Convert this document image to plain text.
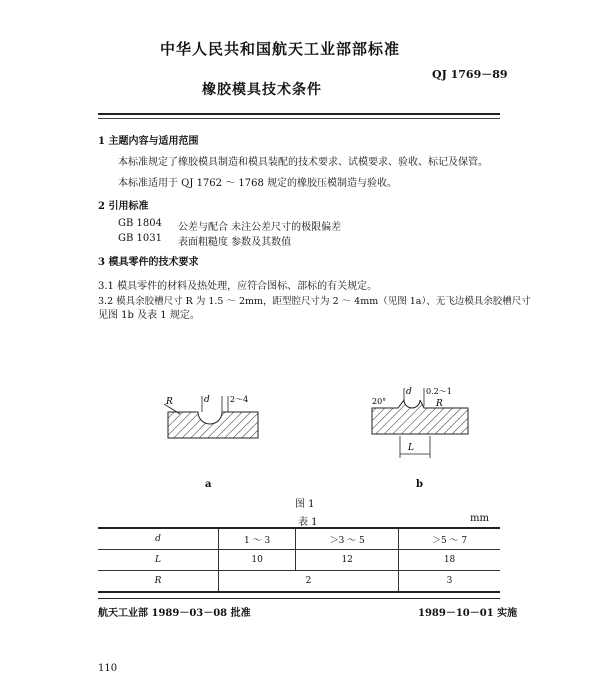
中华人民共和国航天工业部部标准
QJ 1769－89
橡胶模具技术条件
1 主题内容与适用范围
本标准规定了橡胶模具制造和模具装配的技术要求、试模要求、验收、标记及保管。
本标准适用于 QJ 1762 ～ 1768 规定的橡胶压模制造与验收。
2 引用标准
GB 1804 公差与配合 未注公差尺寸的极限偏差
GB 1031 表面粗糙度 参数及其数值
3 模具零件的技术要求
3.1 模具零件的材料及热处理，应符合图标、部标的有关规定。
3.2 模具余胶槽尺寸 R 为 1.5 ～ 2mm，距型腔尺寸为 2 ～ 4mm（见图 1a）、无飞边模具余胶槽尺寸
见图 1b 及表 1 规定。
R	d	2～4	20°
d 0.2～1
R
L
a	b
图 1
表 1	mm
d	1 ～ 3	＞3 ～ 5	＞5 ～ 7
L	10	12	18
R	2		3
航天工业部 1989－03－08 批准	1989－10－01 实施
110
